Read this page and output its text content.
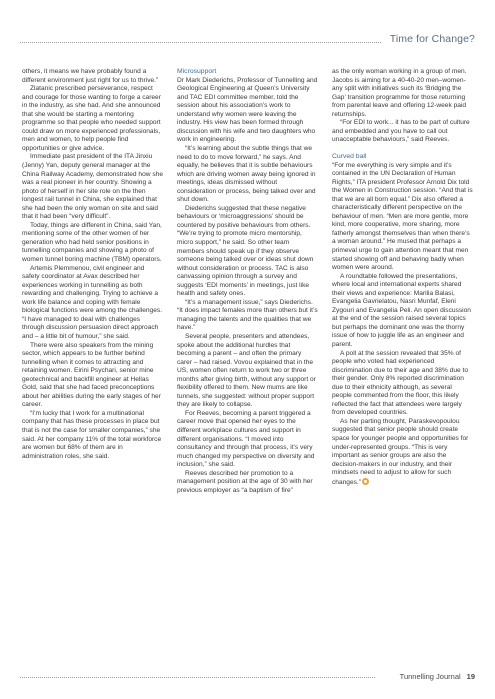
Time for Change?

others, it means we have probably found a different environment just right for us to thrive.”

Zlatanic prescribed perseverance, respect and courage for those wanting to forge a career in the industry, as she had. And she announced that she would be starting a mentoring programme so that people who needed support could draw on more experienced professionals, men and women, to help people find opportunities or give advice.

Immediate past president of the ITA Jinxiu (Jenny) Yan, deputy general manager at the China Railway Academy, demonstrated how she was a real pioneer in her country. Showing a photo of herself in her site role on the then longest rail tunnel in China, she explained that she had been the only woman on site and said that it had been “very difficult”.

Today, things are different in China, said Yan, mentioning some of the other women of her generation who had held senior positions in tunnelling companies and showing a photo of women tunnel boring machine (TBM) operators.

Artemis Plemmenou, civil engineer and safety coordinator at Avax described her experiences working in tunnelling as both rewarding and challenging. Trying to achieve a work life balance and coping with female biological functions were among the challenges. “I have managed to deal with challenges through discussion persuasion direct approach and – a little bit of humour,” she said.

There were also speakers from the mining sector, which appears to be further behind tunnelling when it comes to attracting and retaining women. Eirini Psychari, senior mine geotechnical and backfill engineer at Hellas Gold, said that she had faced preconceptions about her abilities during the early stages of her career.

“I’m lucky that I work for a multinational company that has these processes in place but that is not the case for smaller companies,” she said. At her company 11% of the total workforce are women but 68% of them are in administration roles, she said.

Microsupport

Dr Mark Diederichs, Professor of Tunnelling and Geological Engineering at Queen’s University and TAC EDI committee member, told the session about his association’s work to understand why women were leaving the industry. His view has been formed through discussion with his wife and two daughters who work in engineering.

“It’s learning about the subtle things that we need to do to move forward,” he says. And equally, he believes that it is subtle behaviours which are driving women away being ignored in meetings, ideas dismissed without consideration or process, being talked over and shut down.

Diederichs suggested that these negative behaviours or ‘microaggressions’ should be countered by positive behaviours from others. “We’re trying to promote micro mentorship, micro support,” he said. So other team members should speak up if they observe someone being talked over or ideas shut down without consideration or process. TAC is also canvassing opinion through a survey and suggests ‘EDI moments’ in meetings, just like health and safety ones.

“It’s a management issue,” says Diederichs. “It does impact females more than others but it’s managing the talents and the qualities that we have.”

Several people, presenters and attendees, spoke about the additional hurdles that becoming a parent – and often the primary carer – had raised. Vovou explained that in the US, women often return to work two or three months after giving birth, without any support or flexibility offered to them. New mums are like tunnels, she suggested: without proper support they are likely to collapse.

For Reeves, becoming a parent triggered a career move that opened her eyes to the different workplace cultures and support in different organisations. “I moved into consultancy and through that process, it’s very much changed my perspective on diversity and inclusion,” she said.

Reeves described her promotion to a management position at the age of 30 with her previous employer as “a baptism of fire”

as the only woman working in a group of men. Jacobs is aiming for a 40-40-20 men–women-any split with initiatives such its ‘Bridging the Gap’ transition programme for those returning from parental leave and offering 12-week paid returnships.

“For EDI to work... it has to be part of culture and embedded and you have to call out unacceptable behaviours,” said Reeves.

Curved ball

“For me everything is very simple and it’s contained in the UN Declaration of Human Rights,” ITA president Professor Arnold Dix told the Women in Construction session. “And that is that we are all born equal.” Dix also offered a characteristically different perspective on the behaviour of men. “Men are more gentle, more kind, more cooperative, more sharing, more fatherly amongst themselves than when there’s a woman around.” He mused that perhaps a primeval urge to gain attention meant that men started showing off and behaving badly when women were around.

A roundtable followed the presentations, where local and international experts shared their views and experience: Marilia Balasi, Evangelia Gavrielatou, Nasri Munfaf, Eleni Zygouri and Evangelia Peli. An open discussion at the end of the session raised several topics but perhaps the dominant one was the thorny issue of how to juggle life as an engineer and parent.

A poll at the session revealed that 35% of people who voted had experienced discrimination due to their age and 38% due to their gender. Only 8% reported discrimination due to their ethnicity although, as several people commented from the floor, this likely reflected the fact that attendees were largely from developed countries.

As her parting thought, Paraskevopoulou suggested that senior people should create space for younger people and opportunities for under-represented groups. “This is very important as senior groups are also the decision-makers in our industry, and their mindsets need to adjust to allow for such changes.”

Tunnelling Journal 19
